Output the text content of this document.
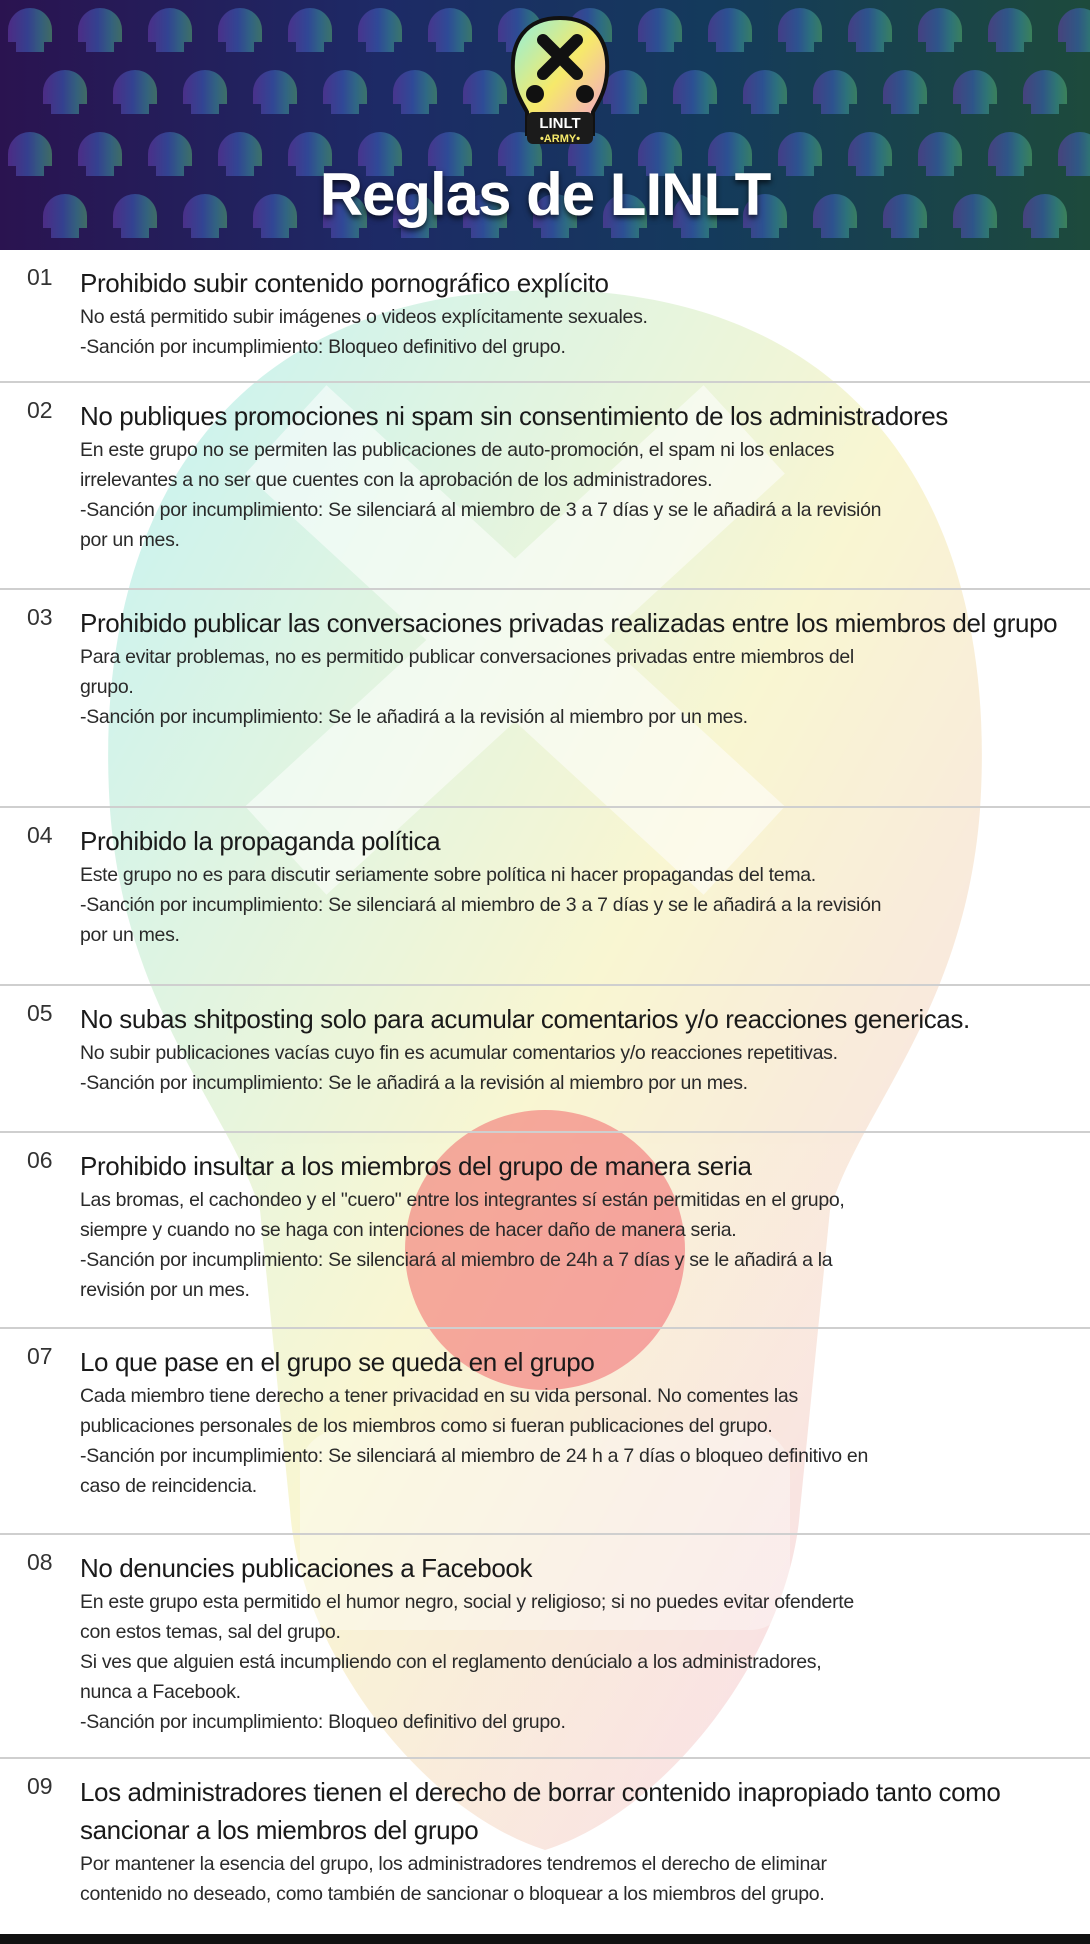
LINLT
•ARMY•
Reglas de LINLT
01 Prohibido subir contenido pornográfico explícito

No está permitido subir imágenes o videos explícitamente sexuales.

-Sanción por incumplimiento: Bloqueo definitivo del grupo.

02 No publiques promociones ni spam sin consentimiento de los administradores

En este grupo no se permiten las publicaciones de auto-promoción, el spam ni los enlaces

irrelevantes a no ser que cuentes con la aprobación de los administradores.

-Sanción por incumplimiento: Se silenciará al miembro de 3 a 7 días y se le añadirá a la revisión

por un mes.

03 Prohibido publicar las conversaciones privadas realizadas entre los miembros del grupo

Para evitar problemas, no es permitido publicar conversaciones privadas entre miembros del

grupo.

-Sanción por incumplimiento: Se le añadirá a la revisión al miembro por un mes.

04 Prohibido la propaganda política

Este grupo no es para discutir seriamente sobre política ni hacer propagandas del tema.

-Sanción por incumplimiento: Se silenciará al miembro de 3 a 7 días y se le añadirá a la revisión

por un mes.

05 No subas shitposting solo para acumular comentarios y/o reacciones genericas.

No subir publicaciones vacías cuyo fin es acumular comentarios y/o reacciones repetitivas.

-Sanción por incumplimiento: Se le añadirá a la revisión al miembro por un mes.

06 Prohibido insultar a los miembros del grupo de manera seria

Las bromas, el cachondeo y el "cuero" entre los integrantes sí están permitidas en el grupo,

siempre y cuando no se haga con intenciones de hacer daño de manera seria.

-Sanción por incumplimiento: Se silenciará al miembro de 24h a 7 días y se le añadirá a la

revisión por un mes.

07 Lo que pase en el grupo se queda en el grupo

Cada miembro tiene derecho a tener privacidad en su vida personal. No comentes las

publicaciones personales de los miembros como si fueran publicaciones del grupo.

-Sanción por incumplimiento: Se silenciará al miembro de 24 h a 7 días o bloqueo definitivo en

caso de reincidencia.

08 No denuncies publicaciones a Facebook

En este grupo esta permitido el humor negro, social y religioso; si no puedes evitar ofenderte

con estos temas, sal del grupo.

Si ves que alguien está incumpliendo con el reglamento denúcialo a los administradores,

nunca a Facebook.

-Sanción por incumplimiento: Bloqueo definitivo del grupo.

09 Los administradores tienen el derecho de borrar contenido inapropiado tanto como sancionar a los miembros del grupo

Por mantener la esencia del grupo, los administradores tendremos el derecho de eliminar

contenido no deseado, como también de sancionar o bloquear a los miembros del grupo.
